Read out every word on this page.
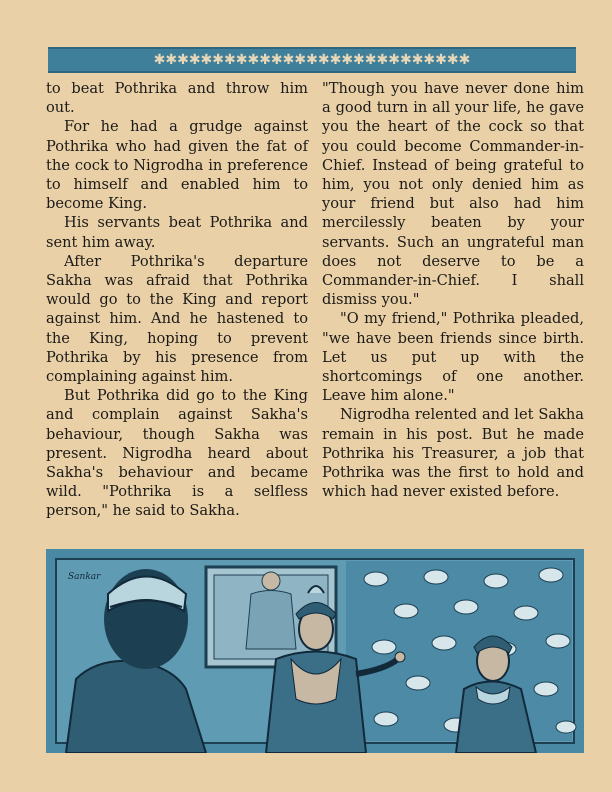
✱✱✱✱✱✱✱✱✱✱✱✱✱✱✱✱✱✱✱✱✱✱✱✱✱✱✱

to beat Pothrika and throw him out.

For he had a grudge against Pothrika who had given the fat of the cock to Nigrodha in preference to himself and enabled him to become King.

His servants beat Pothrika and sent him away.

After Pothrika's departure Sakha was afraid that Pothrika would go to the King and report against him. And he hastened to the King, hoping to prevent Pothrika by his presence from complaining against him.

But Pothrika did go to the King and complain against Sakha's behaviour, though Sakha was present. Nigrodha heard about Sakha's behaviour and became wild. "Pothrika is a selfless person," he said to Sakha.

"Though you have never done him a good turn in all your life, he gave you the heart of the cock so that you could become Commander-in-Chief. Instead of being grateful to him, you not only denied him as your friend but also had him mercilessly beaten by your servants. Such an ungrateful man does not deserve to be a Commander-in-Chief. I shall dismiss you."

"O my friend," Pothrika pleaded, "we have been friends since birth. Let us put up with the shortcomings of one another. Leave him alone."

Nigrodha relented and let Sakha remain in his post. But he made Pothrika his Treasurer, a job that Pothrika was the first to hold and which had never existed before.

Sankar
